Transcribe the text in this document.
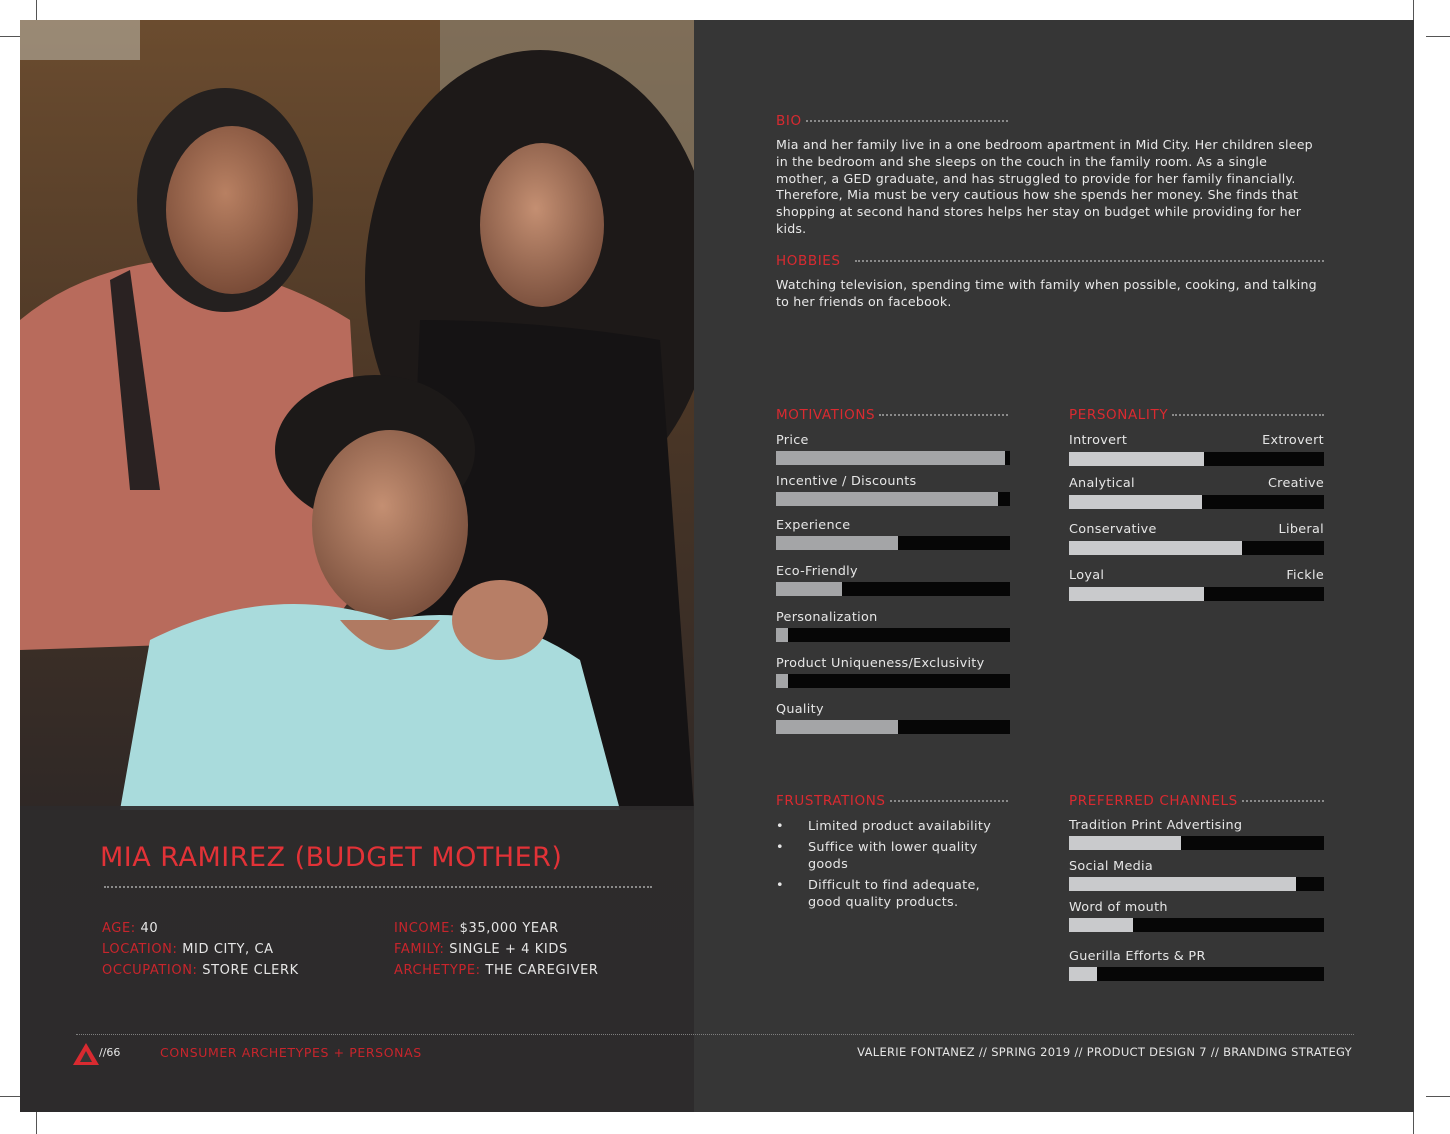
MIA RAMIREZ (BUDGET MOTHER)
AGE: 40
LOCATION: MID CITY, CA
OCCUPATION: STORE CLERK
INCOME: $35,000 YEAR
FAMILY: SINGLE + 4 KIDS
ARCHETYPE: THE CAREGIVER
BIO

Mia and her family live in a one bedroom apartment in Mid City. Her children sleep in the bedroom and she sleeps on the couch in the family room. As a single mother, a GED graduate, and has struggled to provide for her family financially. Therefore, Mia must be very cautious how she spends her money. She finds that shopping at second hand stores helps her stay on budget while providing for her kids.

HOBBIES

Watching television, spending time with family when possible, cooking, and talking to her friends on facebook.

MOTIVATIONS
Price
Incentive / Discounts
Experience
Eco-Friendly
Personalization
Product Uniqueness/Exclusivity
Quality
PERSONALITY
Introvert	Extrovert
Analytical	Creative
Conservative	Liberal
Loyal	Fickle
FRUSTRATIONS
• Limited product availability
• Suffice with lower quality goods
• Difficult to find adequate, good quality products.
PREFERRED CHANNELS
Tradition Print Advertising
Social Media
Word of mouth
Guerilla Efforts & PR
//66	CONSUMER ARCHETYPES + PERSONAS	VALERIE FONTANEZ // SPRING 2019 // PRODUCT DESIGN 7 // BRANDING STRATEGY
